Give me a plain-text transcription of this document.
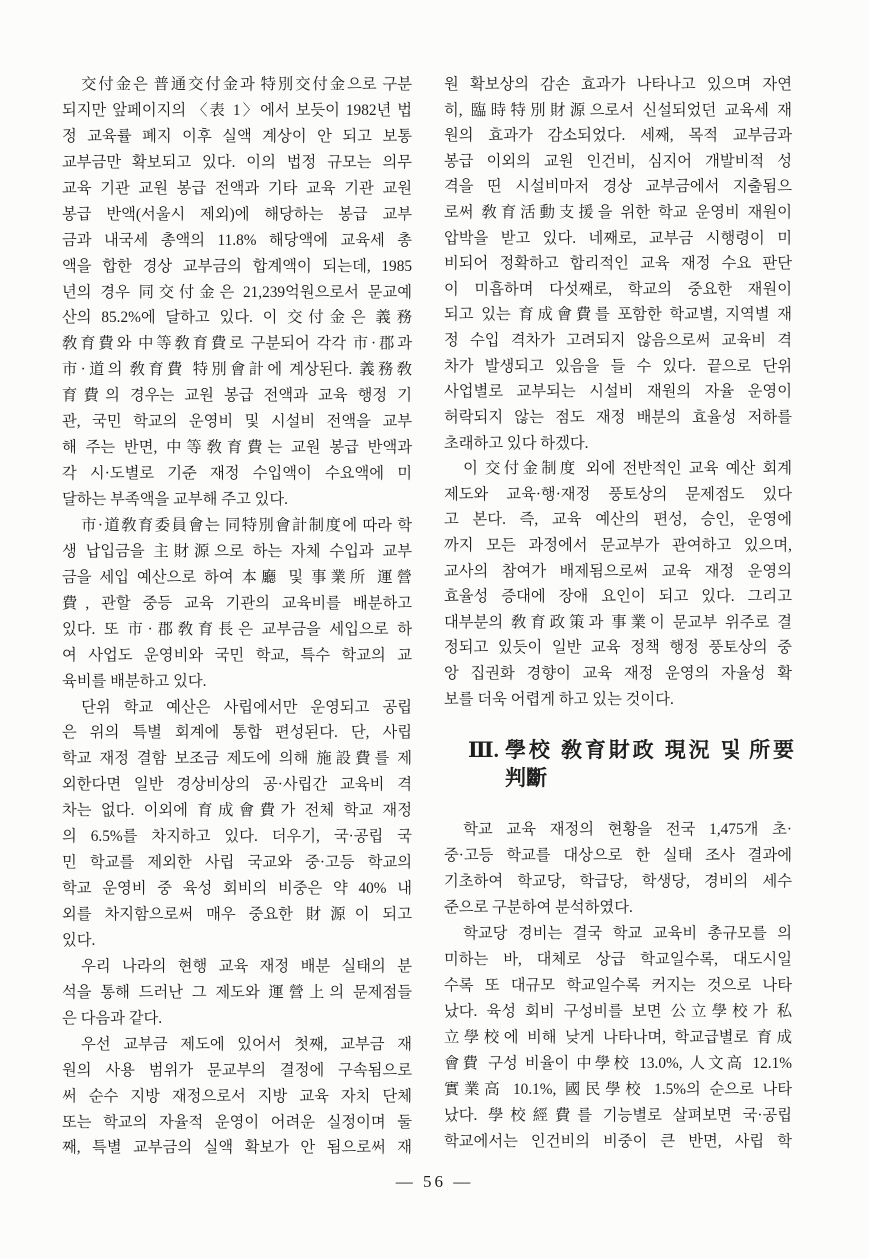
交付金은 普通交付金과 特別交付金으로 구분
되지만 앞페이지의 〈表 1〉에서 보듯이 1982년 법
정 교육률 폐지 이후 실액 계상이 안 되고 보통
교부금만 확보되고 있다. 이의 법정 규모는 의무
교육 기관 교원 봉급 전액과 기타 교육 기관 교원
봉급 반액(서울시 제외)에 해당하는 봉급 교부
금과 내국세 총액의 11.8% 해당액에 교육세 총
액을 합한 경상 교부금의 합계액이 되는데, 1985
년의 경우 同交付金은 21,239억원으로서 문교예
산의 85.2%에 달하고 있다. 이 交付金은 義務
敎育費와 中等敎育費로 구분되어 각각 市·郡과
市·道의 敎育費 特別會計에 계상된다. 義務敎
育費의 경우는 교원 봉급 전액과 교육 행정 기
관, 국민 학교의 운영비 및 시설비 전액을 교부
해 주는 반면, 中等敎育費는 교원 봉급 반액과
각 시·도별로 기준 재정 수입액이 수요액에 미
달하는 부족액을 교부해 주고 있다.
市·道敎育委員會는 同特別會計制度에 따라 학
생 납입금을 主財源으로 하는 자체 수입과 교부
금을 세입 예산으로 하여 本廳 및 事業所 運營
費, 관할 중등 교육 기관의 교육비를 배분하고
있다. 또 市·郡敎育長은 교부금을 세입으로 하
여 사업도 운영비와 국민 학교, 특수 학교의 교
육비를 배분하고 있다.
단위 학교 예산은 사립에서만 운영되고 공립
은 위의 특별 회계에 통합 편성된다. 단, 사립
학교 재정 결함 보조금 제도에 의해 施設費를 제
외한다면 일반 경상비상의 공·사립간 교육비 격
차는 없다. 이외에 育成會費가 전체 학교 재정
의 6.5%를 차지하고 있다. 더우기, 국·공립 국
민 학교를 제외한 사립 국교와 중·고등 학교의
학교 운영비 중 육성 회비의 비중은 약 40% 내
외를 차지함으로써 매우 중요한 財源이 되고
있다.
우리 나라의 현행 교육 재정 배분 실태의 분
석을 통해 드러난 그 제도와 運營上의 문제점들
은 다음과 같다.
우선 교부금 제도에 있어서 첫째, 교부금 재
원의 사용 범위가 문교부의 결정에 구속됨으로
써 순수 지방 재정으로서 지방 교육 자치 단체
또는 학교의 자율적 운영이 어려운 실정이며 둘
째, 특별 교부금의 실액 확보가 안 됨으로써 재
원 확보상의 감손 효과가 나타나고 있으며 자연
히, 臨時特別財源으로서 신설되었던 교육세 재
원의 효과가 감소되었다. 세째, 목적 교부금과
봉급 이외의 교원 인건비, 심지어 개발비적 성
격을 띤 시설비마저 경상 교부금에서 지출됨으
로써 敎育活動支援을 위한 학교 운영비 재원이
압박을 받고 있다. 네째로, 교부금 시행령이 미
비되어 정확하고 합리적인 교육 재정 수요 판단
이 미흡하며 다섯째로, 학교의 중요한 재원이
되고 있는 育成會費를 포함한 학교별, 지역별 재
정 수입 격차가 고려되지 않음으로써 교육비 격
차가 발생되고 있음을 들 수 있다. 끝으로 단위
사업별로 교부되는 시설비 재원의 자율 운영이
허락되지 않는 점도 재정 배분의 효율성 저하를
초래하고 있다 하겠다.
이 交付金制度 외에 전반적인 교육 예산 회계
제도와 교육·행·재정 풍토상의 문제점도 있다
고 본다. 즉, 교육 예산의 편성, 승인, 운영에
까지 모든 과정에서 문교부가 관여하고 있으며,
교사의 참여가 배제됨으로써 교육 재정 운영의
효율성 증대에 장애 요인이 되고 있다. 그리고
대부분의 敎育政策과 事業이 문교부 위주로 결
정되고 있듯이 일반 교육 정책 행정 풍토상의 중
앙 집권화 경향이 교육 재정 운영의 자율성 확
보를 더욱 어렵게 하고 있는 것이다.
Ⅲ. 學校 敎育財政 現況 및 所要
判斷
학교 교육 재정의 현황을 전국 1,475개 초·
중·고등 학교를 대상으로 한 실태 조사 결과에
기초하여 학교당, 학급당, 학생당, 경비의 세수
준으로 구분하여 분석하였다.
학교당 경비는 결국 학교 교육비 총규모를 의
미하는 바, 대체로 상급 학교일수록, 대도시일
수록 또 대규모 학교일수록 커지는 것으로 나타
났다. 육성 회비 구성비를 보면 公立學校가 私
立學校에 비해 낮게 나타나며, 학교급별로 育成
會費 구성 비율이 中學校 13.0%, 人文高 12.1%
實業高 10.1%, 國民學校 1.5%의 순으로 나타
났다. 學校經費를 기능별로 살펴보면 국·공립
학교에서는 인건비의 비중이 큰 반면, 사립 학
— 56 —
